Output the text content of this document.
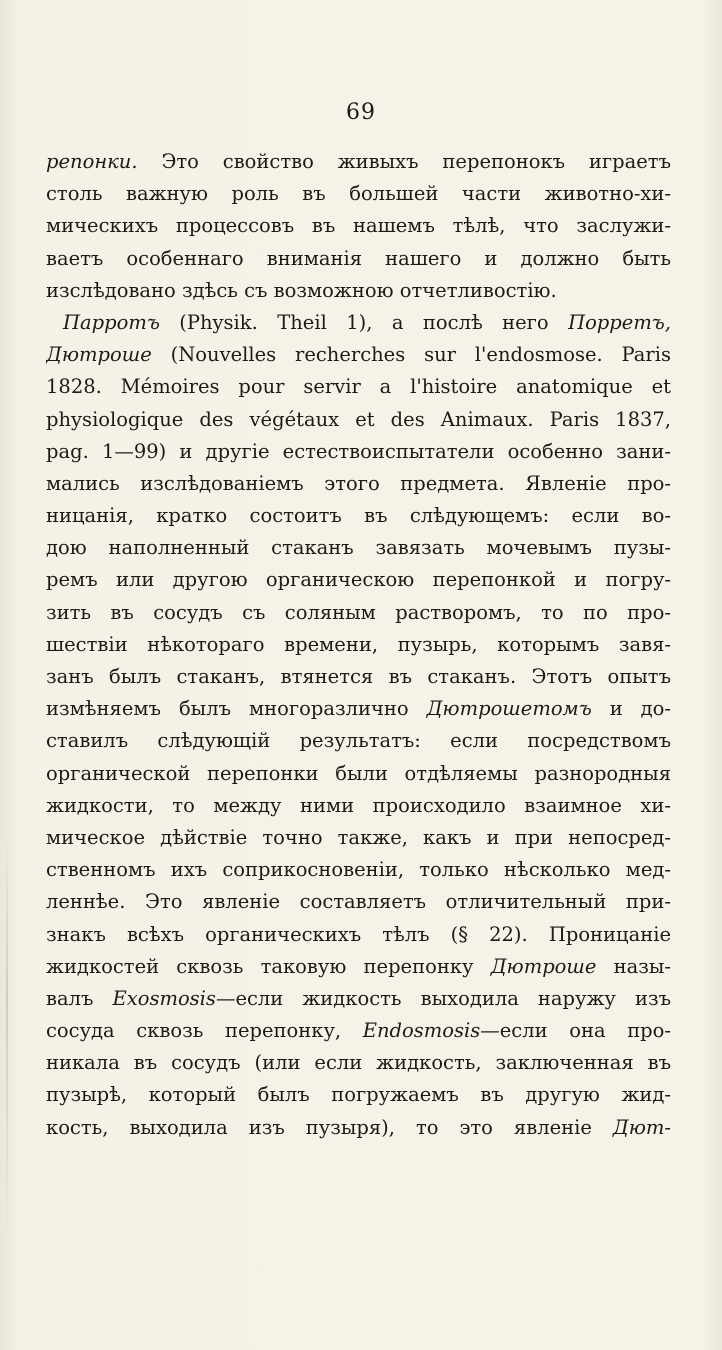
69
репонки. Это свойство живыхъ перепонокъ играетъ
столь важную роль въ большей части животно-хи-
мическихъ процессовъ въ нашемъ тѣлѣ, что заслужи-
ваетъ особеннаго вниманія нашего и должно быть
изслѣдовано здѣсь съ возможною отчетливостію.
Парротъ (Physik. Theil 1), а послѣ него Порретъ,
Дютроше (Nouvelles recherches sur l'endosmose. Paris
1828. Mémoires pour servir a l'histoire anatomique et
physiologique des végétaux et des Animaux. Paris 1837,
pag. 1—99) и другіе естествоиспытатели особенно зани-
мались изслѣдованіемъ этого предмета. Явленіе про-
ницанія, кратко состоитъ въ слѣдующемъ: если во-
дою наполненный стаканъ завязать мочевымъ пузы-
ремъ или другою органическою перепонкой и погру-
зить въ сосудъ съ соляным растворомъ, то по про-
шествіи нѣкотораго времени, пузырь, которымъ завя-
занъ былъ стаканъ, втянется въ стаканъ. Этотъ опытъ
измѣняемъ былъ многоразлично Дютрошетомъ и до-
ставилъ слѣдующій результатъ: если посредствомъ
органической перепонки были отдѣляемы разнородныя
жидкости, то между ними происходило взаимное хи-
мическое дѣйствіе точно также, какъ и при непосред-
ственномъ ихъ соприкосновеніи, только нѣсколько мед-
леннѣе. Это явленіе составляетъ отличительный при-
знакъ всѣхъ органическихъ тѣлъ (§ 22). Проницаніе
жидкостей сквозь таковую перепонку Дютроше назы-
валъ Exosmosis—если жидкость выходила наружу изъ
сосуда сквозь перепонку, Endosmosis—если она про-
никала въ сосудъ (или если жидкость, заключенная въ
пузырѣ, который былъ погружаемъ въ другую жид-
кость, выходила изъ пузыря), то это явленіе Дют-
